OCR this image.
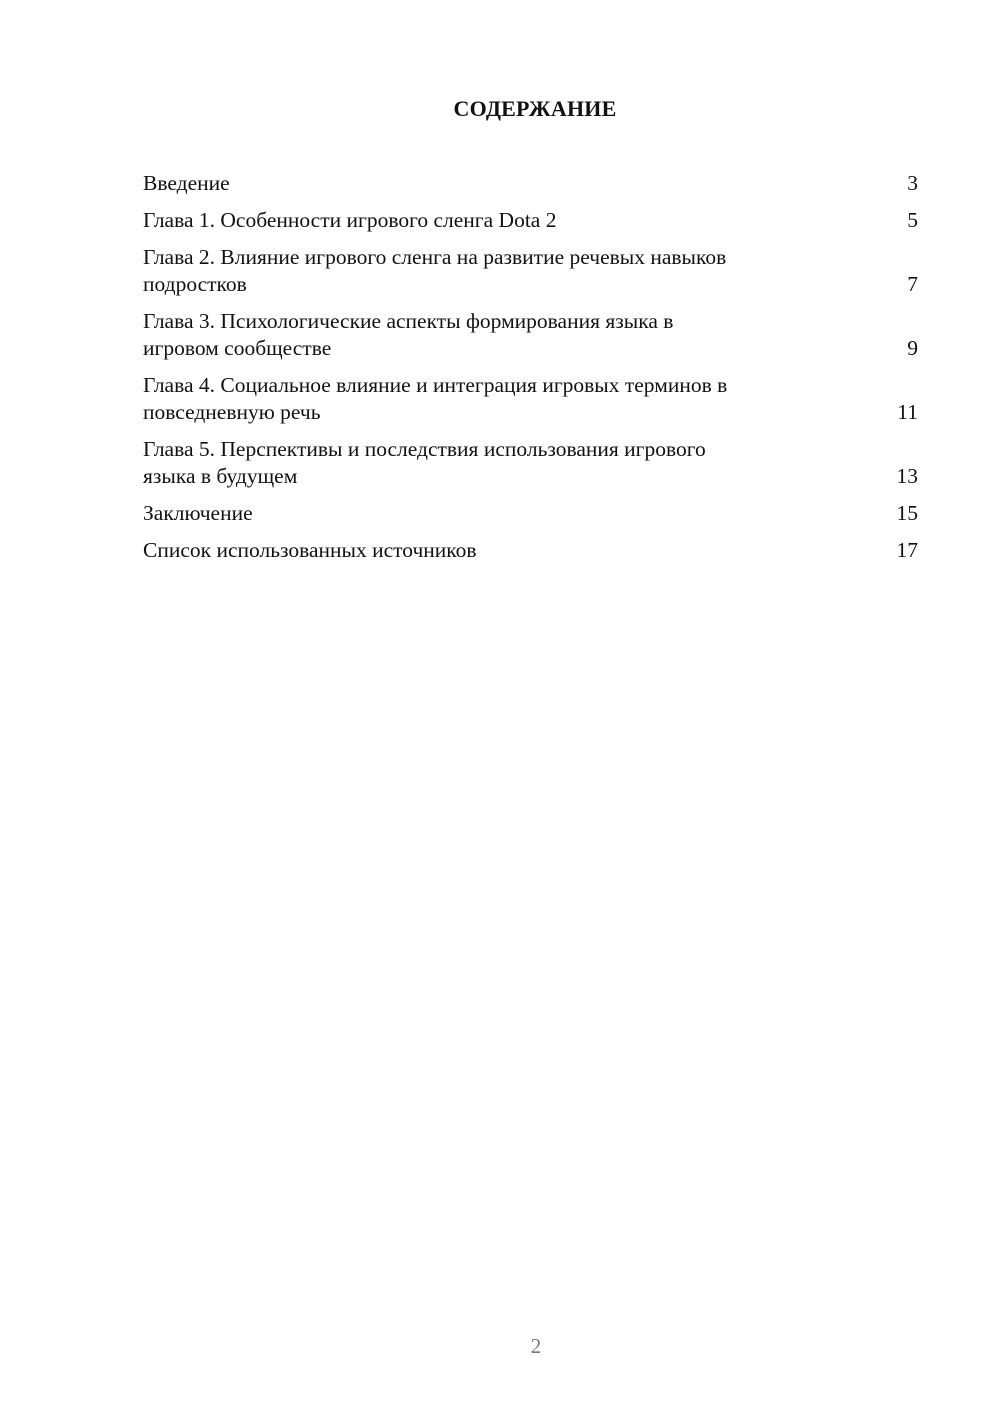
СОДЕРЖАНИЕ
Введение	3
Глава 1. Особенности игрового сленга Dota 2	5
Глава 2. Влияние игрового сленга на развитие речевых навыков
подростков	7
Глава 3. Психологические аспекты формирования языка в
игровом сообществе	9
Глава 4. Социальное влияние и интеграция игровых терминов в
повседневную речь	11
Глава 5. Перспективы и последствия использования игрового
языка в будущем	13
Заключение	15
Список использованных источников	17
2
